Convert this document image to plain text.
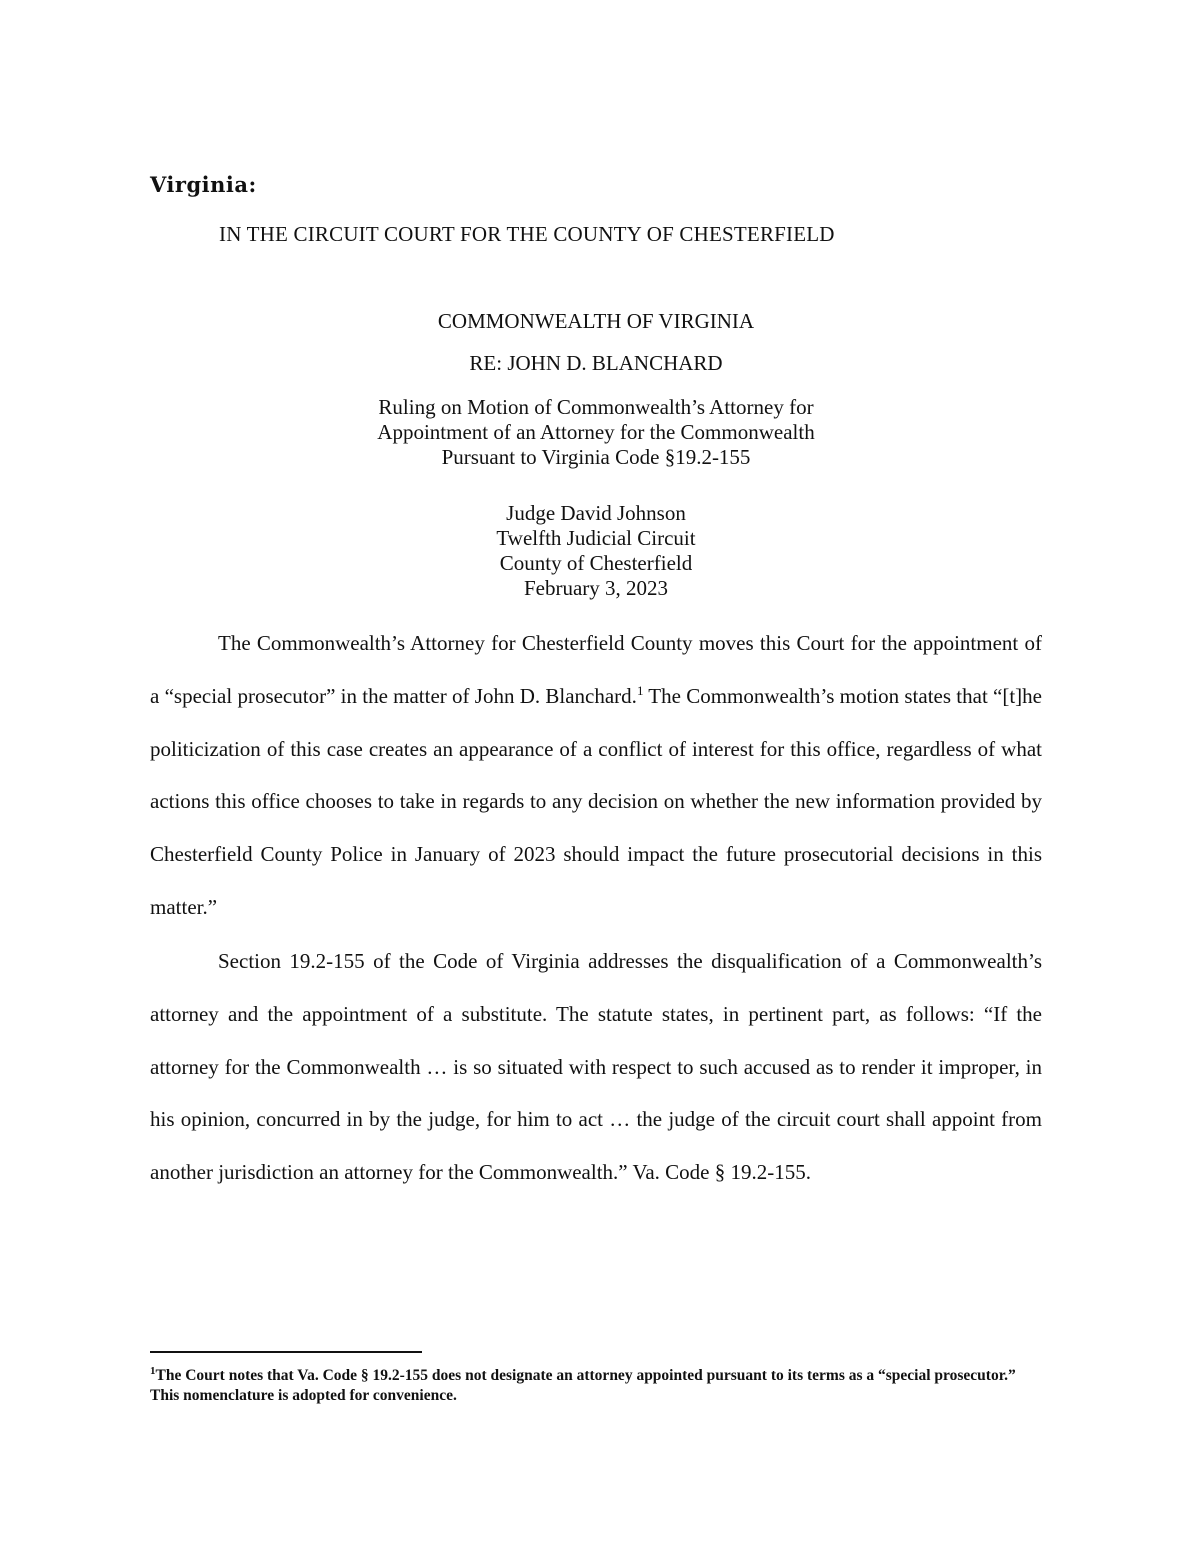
Virginia:
IN THE CIRCUIT COURT FOR THE COUNTY OF CHESTERFIELD
COMMONWEALTH OF VIRGINIA
RE: JOHN D. BLANCHARD
Ruling on Motion of Commonwealth’s Attorney for
Appointment of an Attorney for the Commonwealth
Pursuant to Virginia Code §19.2-155
Judge David Johnson
Twelfth Judicial Circuit
County of Chesterfield
February 3, 2023
The Commonwealth’s Attorney for Chesterfield County moves this Court for the appointment of a “special prosecutor” in the matter of John D. Blanchard.$^1$ The Commonwealth’s motion states that “[t]he politicization of this case creates an appearance of a conflict of interest for this office, regardless of what actions this office chooses to take in regards to any decision on whether the new information provided by Chesterfield County Police in January of 2023 should impact the future prosecutorial decisions in this matter.”
Section 19.2-155 of the Code of Virginia addresses the disqualification of a Commonwealth’s attorney and the appointment of a substitute. The statute states, in pertinent part, as follows: “If the attorney for the Commonwealth … is so situated with respect to such accused as to render it improper, in his opinion, concurred in by the judge, for him to act … the judge of the circuit court shall appoint from another jurisdiction an attorney for the Commonwealth.” Va. Code § 19.2-155.
$^1$The Court notes that Va. Code § 19.2-155 does not designate an attorney appointed pursuant to its terms as a “special prosecutor.” This nomenclature is adopted for convenience.
